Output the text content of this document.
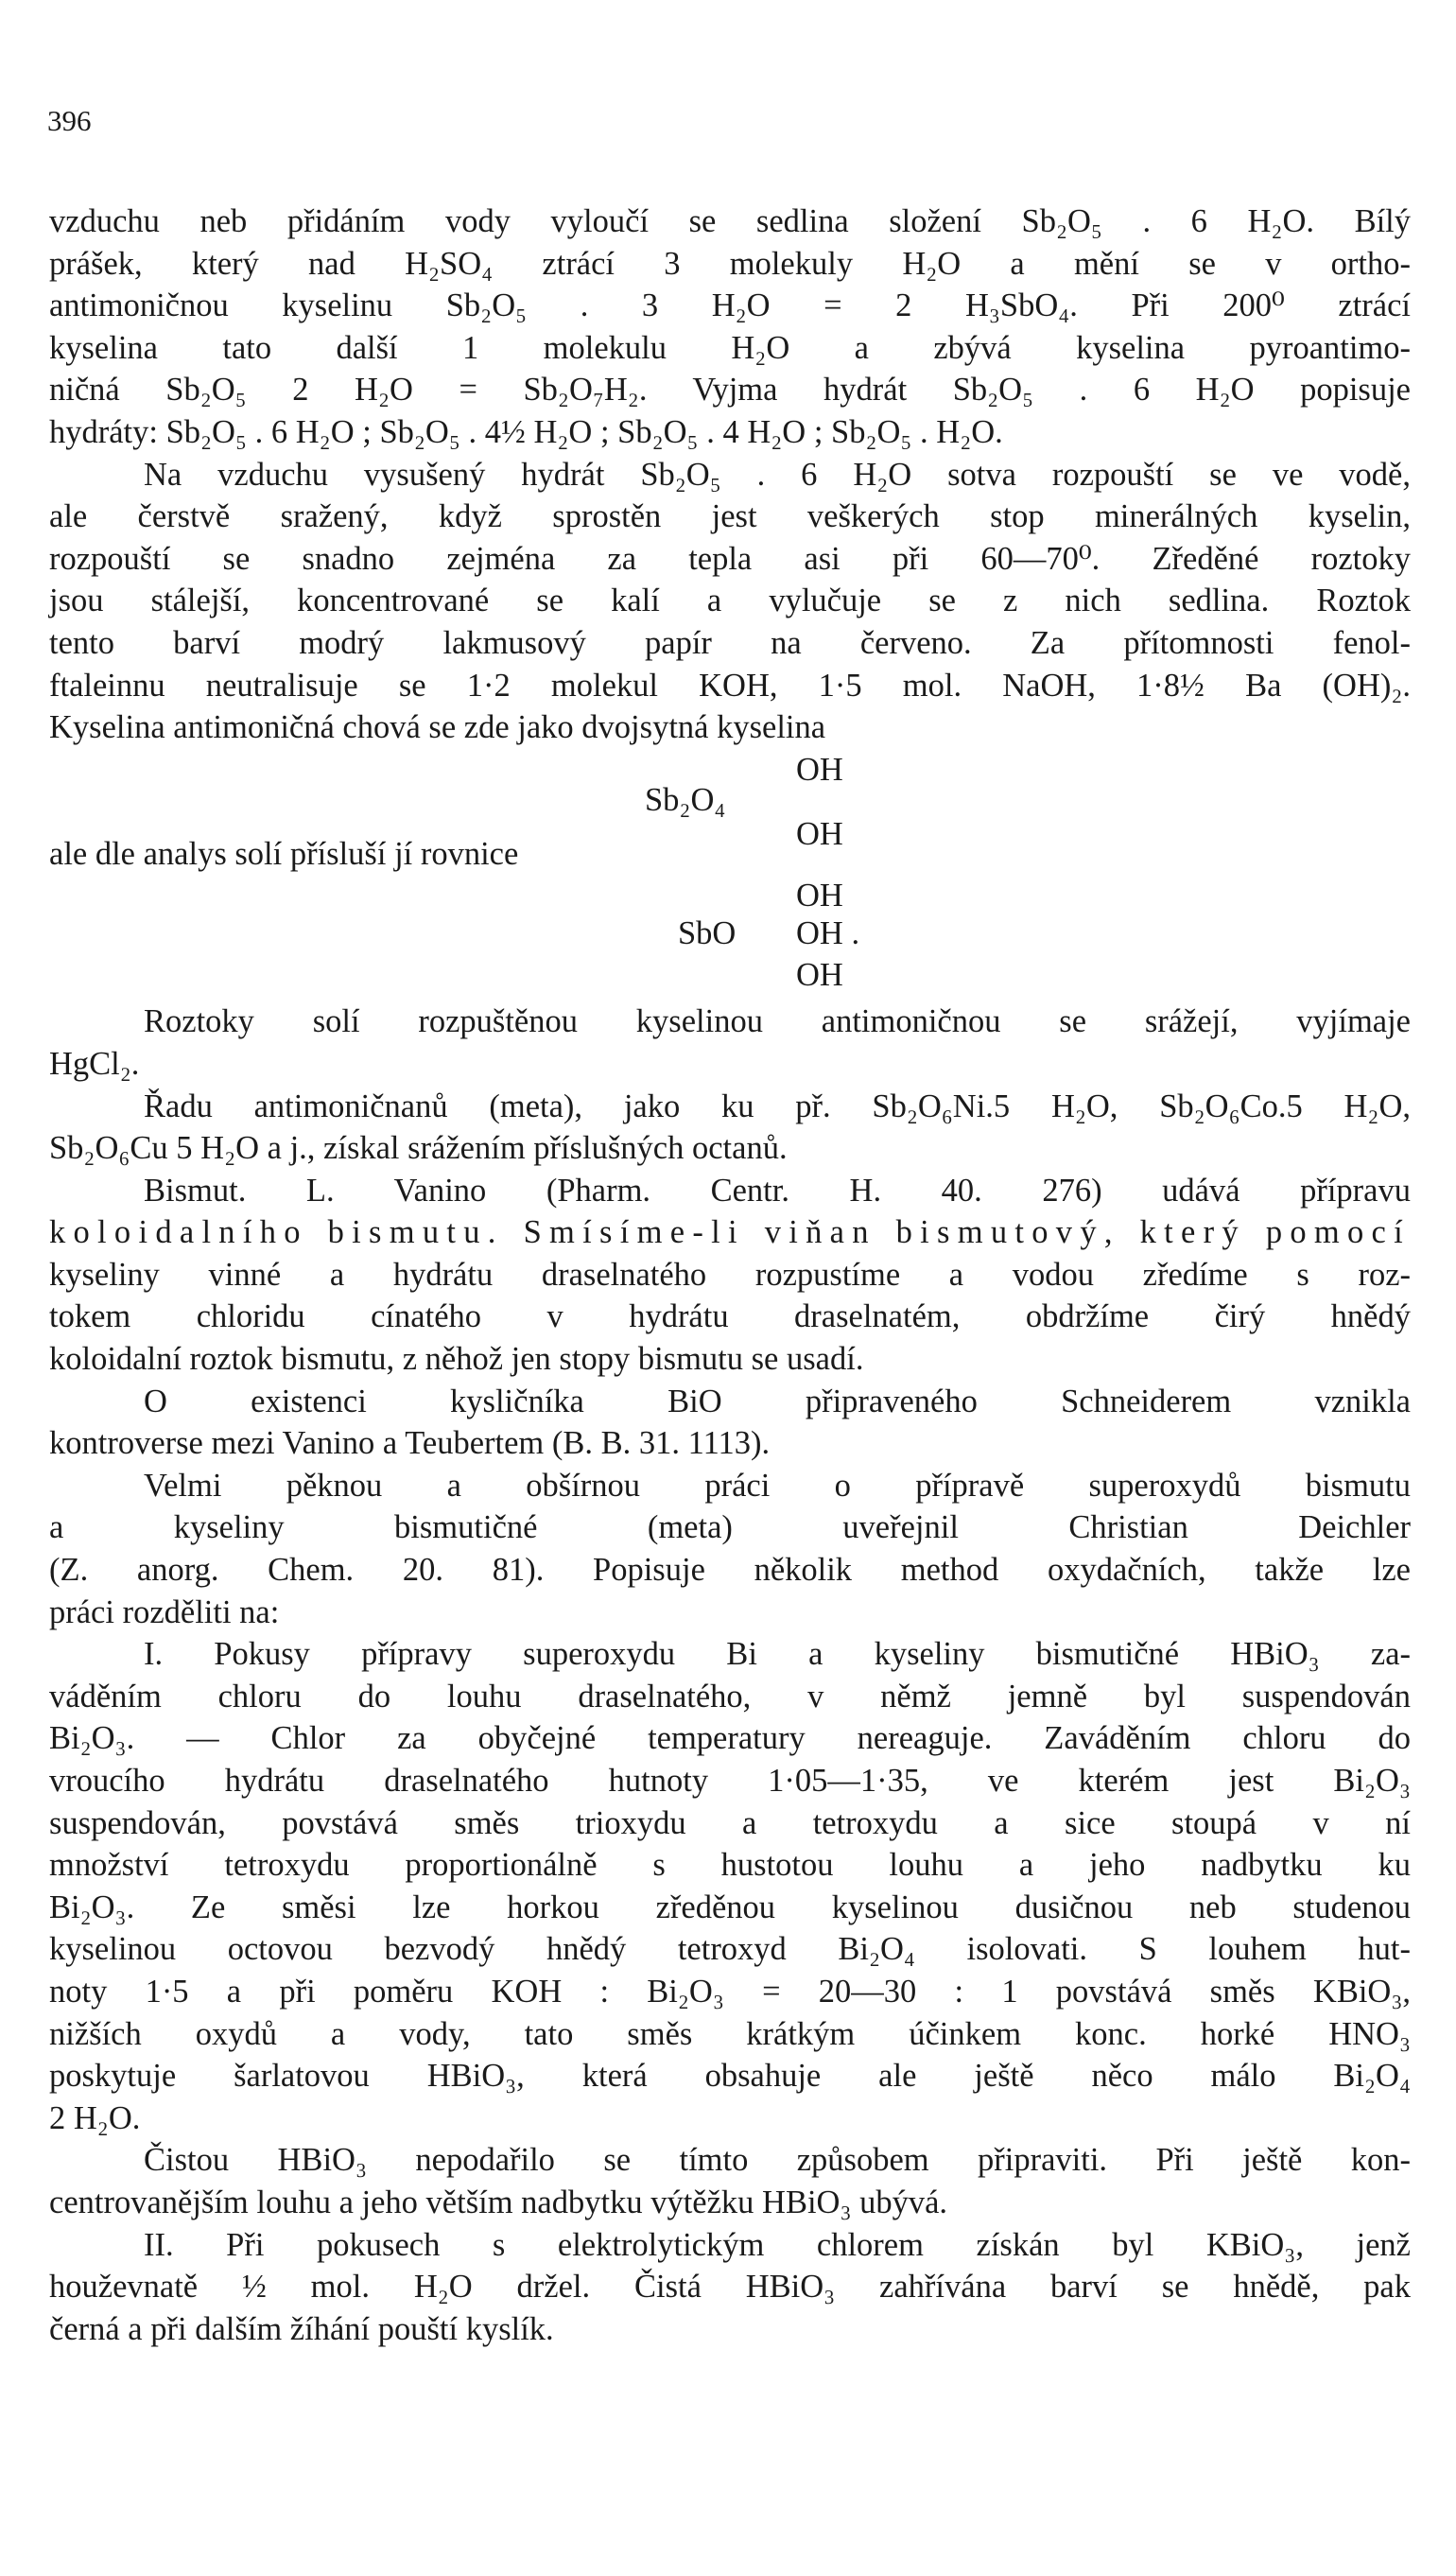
396
vzduchu neb přidáním vody vyloučí se sedlina složení Sb₂O₅ . 6 H₂O. Bílý
prášek, který nad H₂SO₄ ztrácí 3 molekuly H₂O a mění se v ortho-
antimoničnou kyselinu Sb₂O₅ . 3 H₂O = 2 H₃SbO₄. Při 200⁰ ztrácí
kyselina tato další 1 molekulu H₂O a zbývá kyselina pyroantimo-
ničná Sb₂O₅ 2 H₂O = Sb₂O₇H₂. Vyjma hydrát Sb₂O₅ . 6 H₂O popisuje
hydráty: Sb₂O₅ . 6 H₂O ; Sb₂O₅ . 4½ H₂O ; Sb₂O₅ . 4 H₂O ; Sb₂O₅ . H₂O.
Na vzduchu vysušený hydrát Sb₂O₅ . 6 H₂O sotva rozpouští se ve vodě,
ale čerstvě sražený, když sprostěn jest veškerých stop minerálných kyselin,
rozpouští se snadno zejména za tepla asi při 60—70⁰. Zředěné roztoky
jsou stálejší, koncentrované se kalí a vylučuje se z nich sedlina. Roztok
tento barví modrý lakmusový papír na červeno. Za přítomnosti fenol-
ftaleinnu neutralisuje se 1·2 molekul KOH, 1·5 mol. NaOH, 1·8½ Ba (OH)₂.
Kyselina antimoničná chová se zde jako dvojsytná kyselina
OH
Sb₂O₄
OH
ale dle analys solí přísluší jí rovnice
OH
SbO OH .
OH
Roztoky solí rozpuštěnou kyselinou antimoničnou se srážejí, vyjímaje
HgCl₂.
Řadu antimoničnanů (meta), jako ku př. Sb₂O₆Ni.5 H₂O, Sb₂O₆Co.5 H₂O,
Sb₂O₆Cu 5 H₂O a j., získal srážením příslušných octanů.
Bismut. L. Vanino (Pharm. Centr. H. 40. 276) udává přípravu
koloidalního bismutu. Smísíme-li viňan bismutový, který pomocí
kyseliny vinné a hydrátu draselnatého rozpustíme a vodou zředíme s roz-
tokem chloridu cínatého v hydrátu draselnatém, obdržíme čirý hnědý
koloidalní roztok bismutu, z něhož jen stopy bismutu se usadí.
O existenci kysličníka BiO připraveného Schneiderem vznikla
kontroverse mezi Vanino a Teubertem (B. B. 31. 1113).
Velmi pěknou a obšírnou práci o přípravě superoxydů bismutu
a kyseliny bismutičné (meta) uveřejnil Christian Deichler
(Z. anorg. Chem. 20. 81). Popisuje několik method oxydačních, takže lze
práci rozděliti na:
I. Pokusy přípravy superoxydu Bi a kyseliny bismutičné HBiO₃ za-
váděním chloru do louhu draselnatého, v němž jemně byl suspendován
Bi₂O₃. — Chlor za obyčejné temperatury nereaguje. Zaváděním chloru do
vroucího hydrátu draselnatého hutnoty 1·05—1·35, ve kterém jest Bi₂O₃
suspendován, povstává směs trioxydu a tetroxydu a sice stoupá v ní
množství tetroxydu proportionálně s hustotou louhu a jeho nadbytku ku
Bi₂O₃. Ze směsi lze horkou zředěnou kyselinou dusičnou neb studenou
kyselinou octovou bezvodý hnědý tetroxyd Bi₂O₄ isolovati. S louhem hut-
noty 1·5 a při poměru KOH : Bi₂O₃ = 20—30 : 1 povstává směs KBiO₃,
nižších oxydů a vody, tato směs krátkým účinkem konc. horké HNO₃
poskytuje šarlatovou HBiO₃, která obsahuje ale ještě něco málo Bi₂O₄
2 H₂O.
Čistou HBiO₃ nepodařilo se tímto způsobem připraviti. Při ještě kon-
centrovanějším louhu a jeho větším nadbytku výtěžku HBiO₃ ubývá.
II. Při pokusech s elektrolytickým chlorem získán byl KBiO₃, jenž
houževnatě ½ mol. H₂O držel. Čistá HBiO₃ zahřívána barví se hnědě, pak
černá a při dalším žíhání pouští kyslík.
